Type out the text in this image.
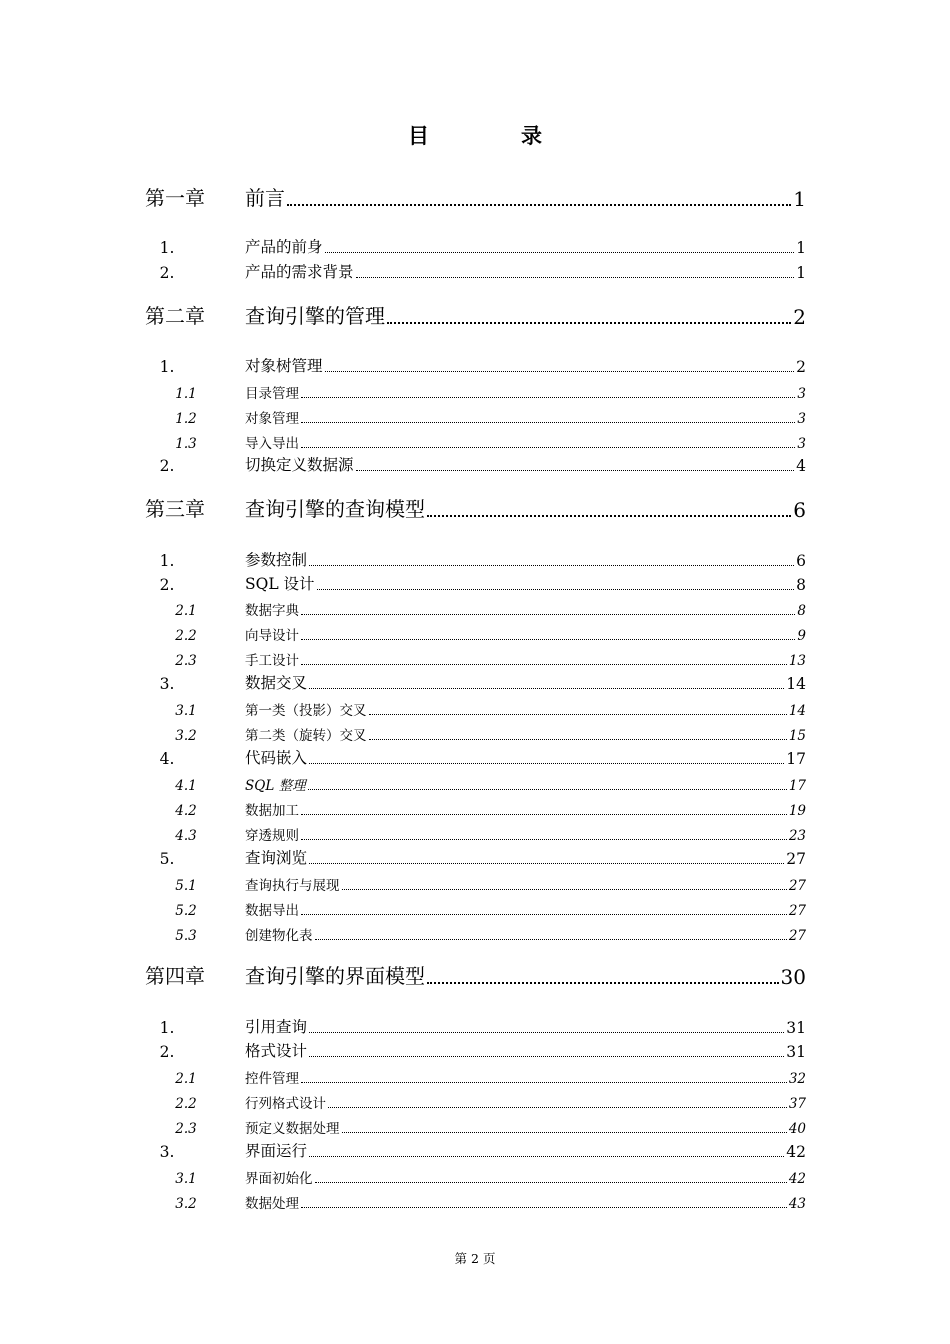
目	录
第一章	前言	1
1.	产品的前身	1
2.	产品的需求背景	1
第二章	查询引擎的管理	2
1.	对象树管理	2
1.1	目录管理	3
1.2	对象管理	3
1.3	导入导出	3
2.	切换定义数据源	4
第三章	查询引擎的查询模型	6
1.	参数控制	6
2.	SQL 设计	8
2.1	数据字典	8
2.2	向导设计	9
2.3	手工设计	13
3.	数据交叉	14
3.1	第一类（投影）交叉	14
3.2	第二类（旋转）交叉	15
4.	代码嵌入	17
4.1	SQL 整理	17
4.2	数据加工	19
4.3	穿透规则	23
5.	查询浏览	27
5.1	查询执行与展现	27
5.2	数据导出	27
5.3	创建物化表	27
第四章	查询引擎的界面模型	30
1.	引用查询	31
2.	格式设计	31
2.1	控件管理	32
2.2	行列格式设计	37
2.3	预定义数据处理	40
3.	界面运行	42
3.1	界面初始化	42
3.2	数据处理	43
第 2 页
